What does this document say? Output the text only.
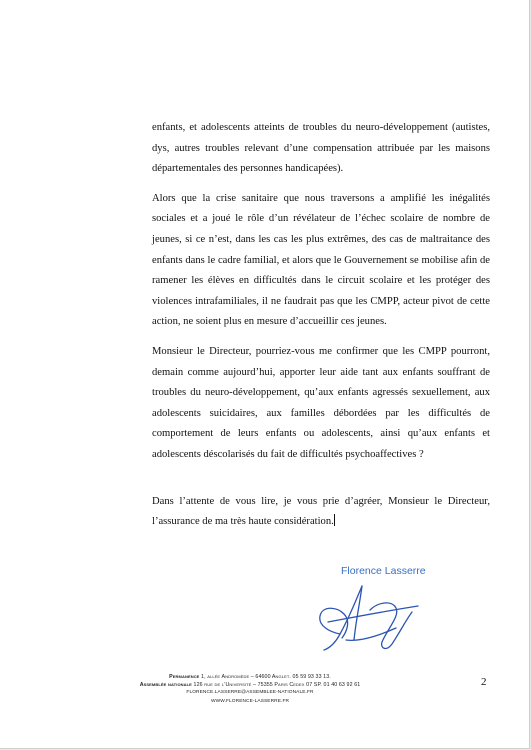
enfants, et adolescents atteints de troubles du neuro-développement (autistes, dys, autres troubles relevant d’une compensation attribuée par les maisons départementales des personnes handicapées).

Alors que la crise sanitaire que nous traversons a amplifié les inégalités sociales et a joué le rôle d’un révélateur de l’échec scolaire de nombre de jeunes, si ce n’est, dans les cas les plus extrêmes, des cas de maltraitance des enfants dans le cadre familial, et alors que le Gouvernement se mobilise afin de ramener les élèves en difficultés dans le circuit scolaire et les protéger des violences intrafamiliales, il ne faudrait pas que les CMPP, acteur pivot de cette action, ne soient plus en mesure d’accueillir ces jeunes.

Monsieur le Directeur, pourriez-vous me confirmer que les CMPP pourront, demain comme aujourd’hui, apporter leur aide tant aux enfants souffrant de troubles du neuro-développement, qu’aux enfants agressés sexuellement, aux adolescents suicidaires, aux familles débordées par les difficultés de comportement de leurs enfants ou adolescents, ainsi qu’aux enfants et adolescents déscolarisés du fait de difficultés psychoaffectives ?

Dans l’attente de vous lire, je vous prie d’agréer, Monsieur le Directeur, l’assurance de ma très haute considération.

Florence Lasserre
Permanence 1, allée Andromède – 64600 Anglet. 05 59 93 33 13.
Assemblée nationale 126 rue de l’Université – 75355 Paris Cedex 07 SP. 01 40 63 92 61
FLORENCE.LASSERRE@ASSEMBLEE-NATIONALE.FR
WWW.FLORENCE-LASSERRE.FR
2
